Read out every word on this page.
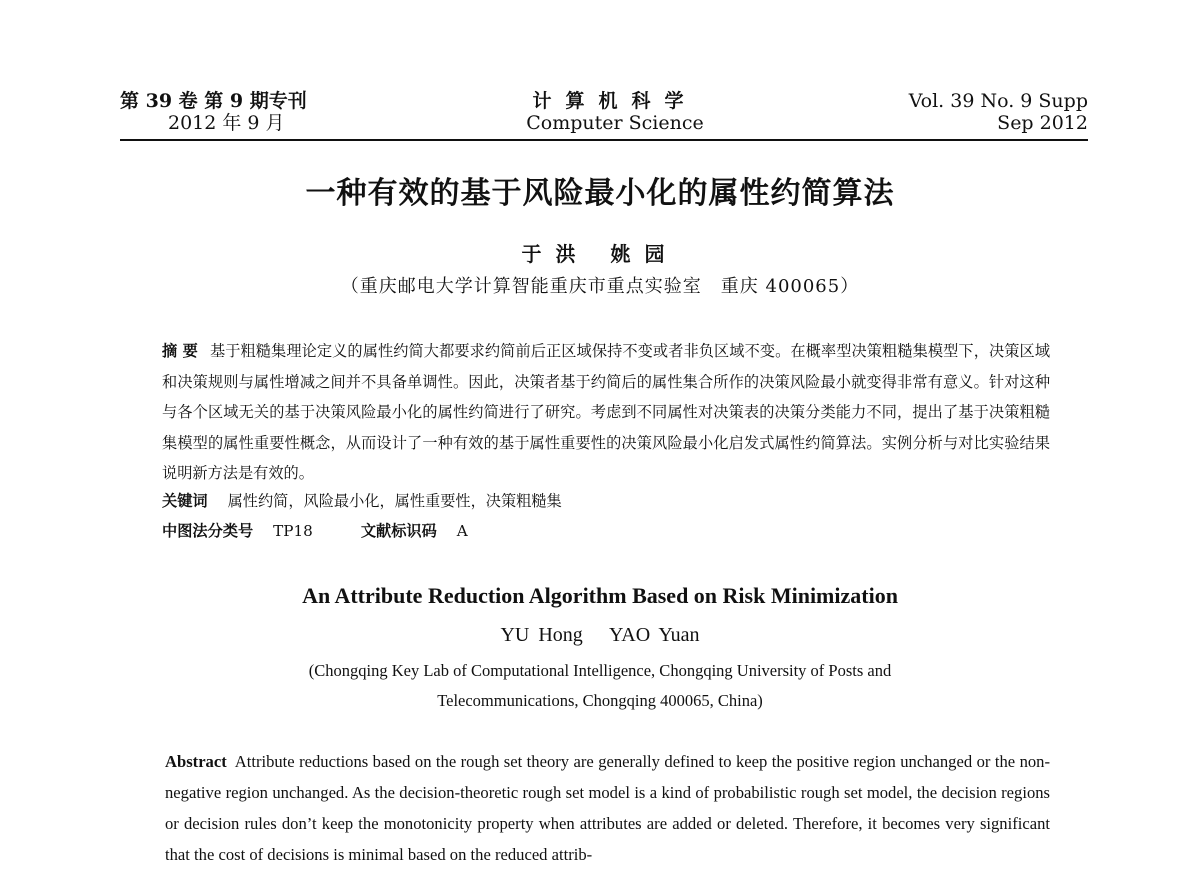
第 39 卷 第 9 期专刊
2012 年 9 月
计算机科学
Computer Science
Vol. 39 No. 9 Supp
Sep 2012
一种有效的基于风险最小化的属性约简算法
于洪 姚园
（重庆邮电大学计算智能重庆市重点实验室　重庆 400065）
摘 要 基于粗糙集理论定义的属性约简大都要求约简前后正区域保持不变或者非负区域不变。在概率型决策粗糙集模型下，决策区域和决策规则与属性增减之间并不具备单调性。因此，决策者基于约简后的属性集合所作的决策风险最小就变得非常有意义。针对这种与各个区域无关的基于决策风险最小化的属性约简进行了研究。考虑到不同属性对决策表的决策分类能力不同，提出了基于决策粗糙集模型的属性重要性概念，从而设计了一种有效的基于属性重要性的决策风险最小化启发式属性约简算法。实例分析与对比实验结果说明新方法是有效的。
关键词 属性约简，风险最小化，属性重要性，决策粗糙集
中图法分类号 TP18	文献标识码 A
An Attribute Reduction Algorithm Based on Risk Minimization
YU Hong   YAO Yuan
(Chongqing Key Lab of Computational Intelligence, Chongqing University of Posts and
Telecommunications, Chongqing 400065, China)
Abstract Attribute reductions based on the rough set theory are generally defined to keep the positive region unchanged or the non-negative region unchanged. As the decision-theoretic rough set model is a kind of probabilistic rough set model, the decision regions or decision rules don’t keep the monotonicity property when attributes are added or deleted. Therefore, it becomes very significant that the cost of decisions is minimal based on the reduced attrib-
